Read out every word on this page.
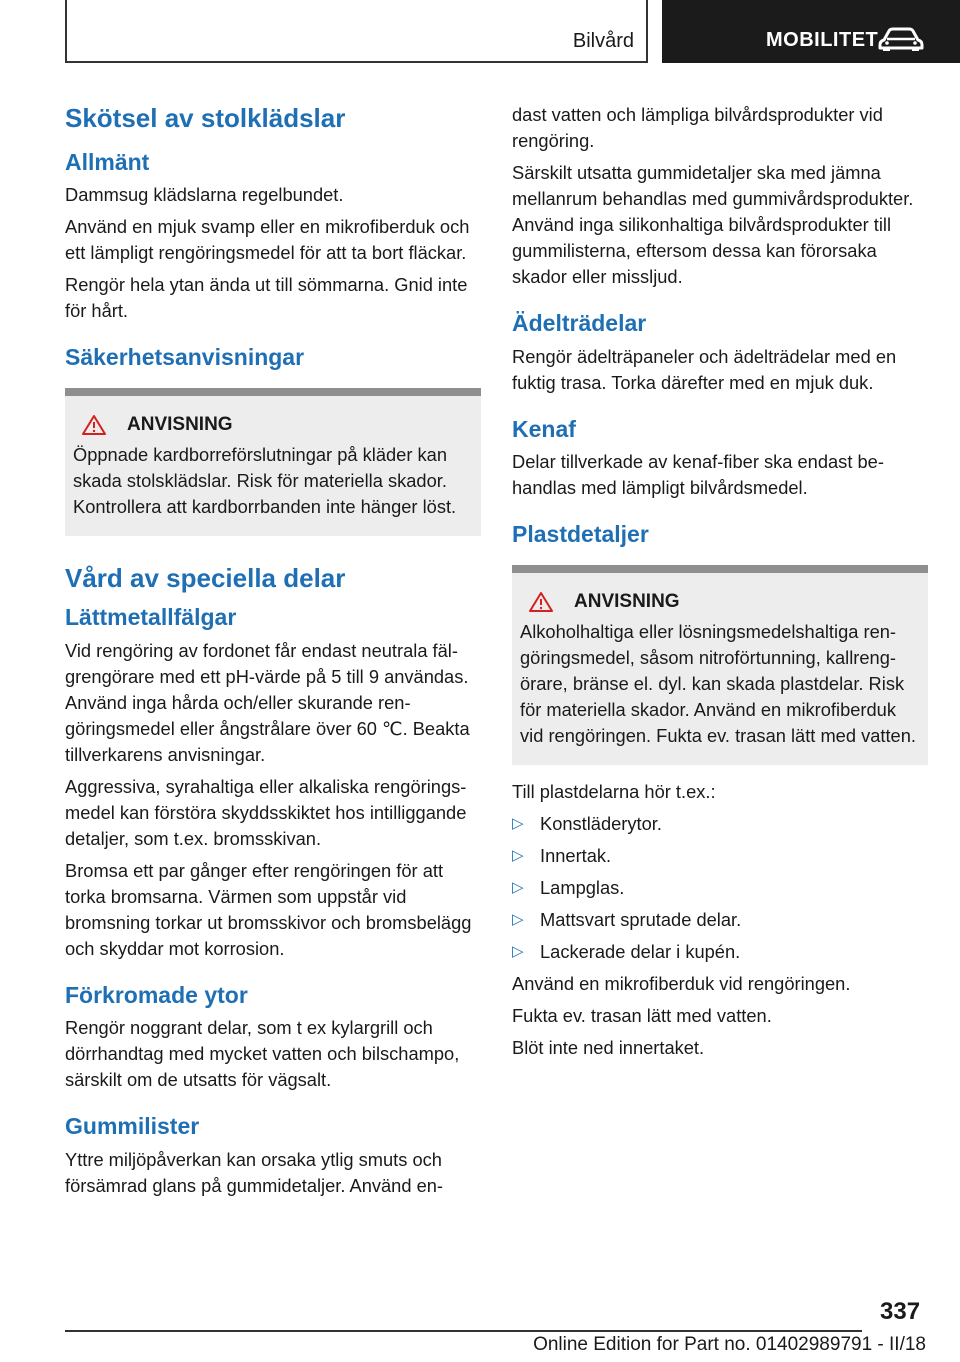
Bilvård	MOBILITET
Skötsel av stolklädslar
Allmänt

Dammsug klädslarna regelbundet.

Använd en mjuk svamp eller en mikrofiberduk och ett lämpligt rengöringsmedel för att ta bort fläckar.

Rengör hela ytan ända ut till sömmarna. Gnid inte för hårt.

Säkerhetsanvisningar
ANVISNING

Öppnade kardborreförslutningar på kläder kan skada stolsklädslar. Risk för materiella skador. Kontrollera att kardborrbanden inte hänger löst.

Vård av speciella delar
Lättmetallfälgar

Vid rengöring av fordonet får endast neutrala fälgrengörare med ett pH-värde på 5 till 9 användas. Använd inga hårda och/eller skurande rengöringsmedel eller ångstrålare över 60 ℃. Beakta tillverkarens anvisningar.

Aggressiva, syrahaltiga eller alkaliska rengöringsmedel kan förstöra skyddsskiktet hos intilliggande detaljer, som t.ex. bromsskivan.

Bromsa ett par gånger efter rengöringen för att torka bromsarna. Värmen som uppstår vid bromsning torkar ut bromsskivor och bromsbelägg och skyddar mot korrosion.

Förkromade ytor

Rengör noggrant delar, som t ex kylargrill och dörrhandtag med mycket vatten och bilschampo, särskilt om de utsatts för vägsalt.

Gummilister

Yttre miljöpåverkan kan orsaka ytlig smuts och försämrad glans på gummidetaljer. Använd en-

dast vatten och lämpliga bilvårdsprodukter vid rengöring.

Särskilt utsatta gummidetaljer ska med jämna mellanrum behandlas med gummivårdsprodukter. Använd inga silikonhaltiga bilvårdsprodukter till gummilisterna, eftersom dessa kan förorsaka skador eller missljud.

Ädelträdelar

Rengör ädelträpaneler och ädelträdelar med en fuktig trasa. Torka därefter med en mjuk duk.

Kenaf

Delar tillverkade av kenaf-fiber ska endast behandlas med lämpligt bilvårdsmedel.

Plastdetaljer
ANVISNING

Alkoholhaltiga eller lösningsmedelshaltiga rengöringsmedel, såsom nitroförtunning, kallrengörare, bränse el. dyl. kan skada plastdelar. Risk för materiella skador. Använd en mikrofiberduk vid rengöringen. Fukta ev. trasan lätt med vatten.

Till plastdelarna hör t.ex.:

▷ Konstläderytor.
▷ Innertak.
▷ Lampglas.
▷ Mattsvart sprutade delar.
▷ Lackerade delar i kupén.

Använd en mikrofiberduk vid rengöringen.

Fukta ev. trasan lätt med vatten.

Blöt inte ned innertaket.

337
Online Edition for Part no. 01402989791 - II/18
